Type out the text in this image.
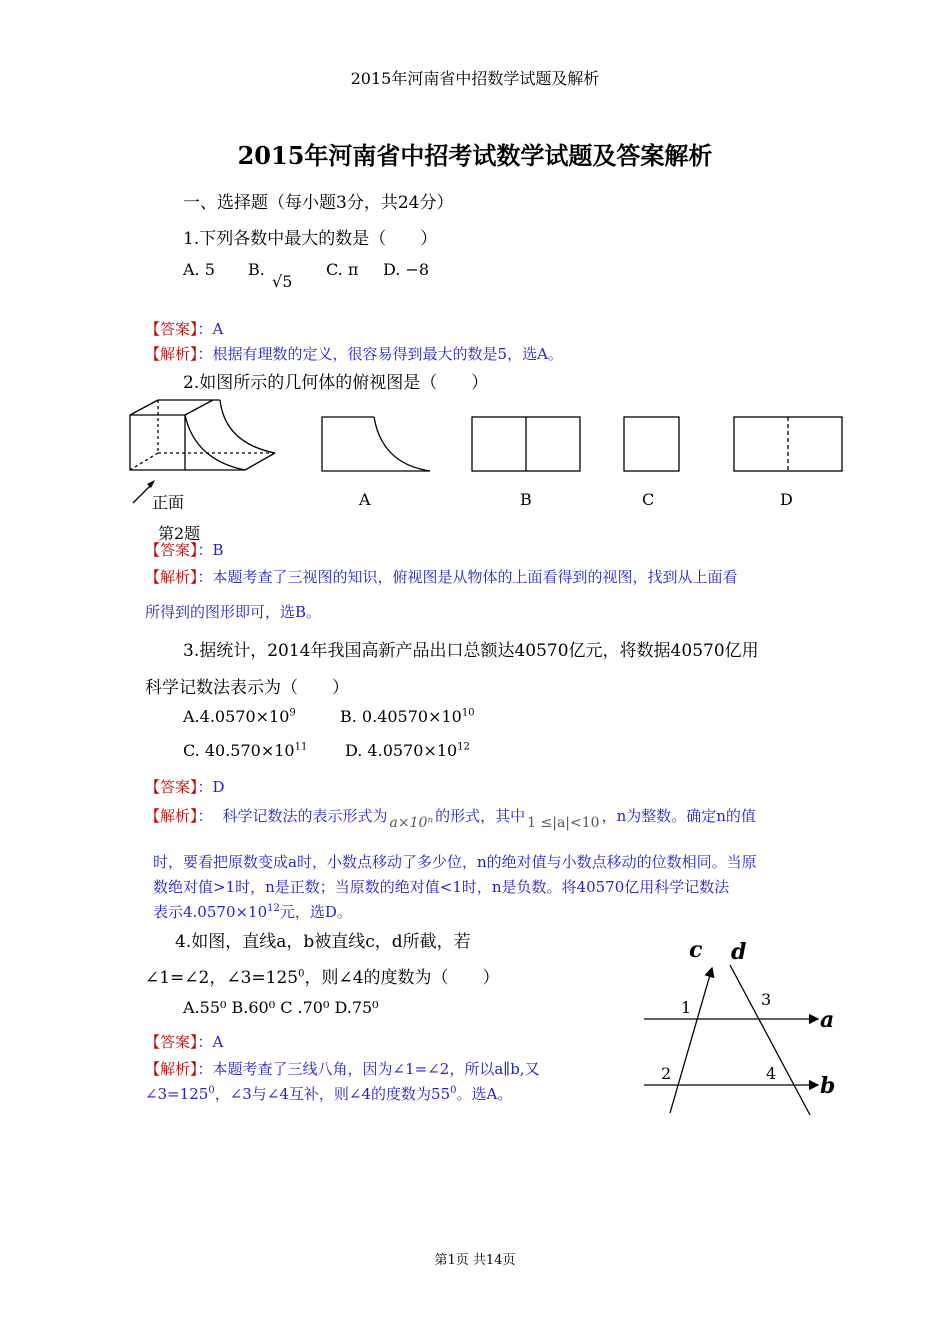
2015年河南省中招数学试题及解析
2015年河南省中招考试数学试题及答案解析
一、选择题（每小题3分，共24分）
1.下列各数中最大的数是（　　）
A. 5 B.
√5
C. π D. −8
【答案】：A
【解析】：根据有理数的定义，很容易得到最大的数是5，选A。
2.如图所示的几何体的俯视图是（　　）
正面	A	B	C	D
第2题
【答案】：B
【解析】：本题考查了三视图的知识，俯视图是从物体的上面看得到的视图，找到从上面看
所得到的图形即可，选B。
3.据统计，2014年我国高新产品出口总额达40570亿元，将数据40570亿用
科学记数法表示为（　　）
$A.4.0570\times 10^9$	B. $0.40570\times 10^{10}$
C. $40.570\times 10^{11}$ D. $4.0570\times 10^{12}$
【答案】：D
【解析】： 科学记数法的表示形式为 a×10ⁿ 的形式，其中 1 ≤|a|<10 ，n为整数。确定n的值
时，要看把原数变成a时，小数点移动了多少位，n的绝对值与小数点移动的位数相同。当原
数绝对值>1时，n是正数；当原数的绝对值<1时，n是负数。将40570亿用科学记数法
表示$4.0570\times 10^{12}$元，选D。
4.如图，直线a，b被直线c，d所截，若
∠1=∠2，$\angle 3=125^0$，则∠4的度数为（　　）
A.55⁰ B.60⁰ C .70⁰ D.75⁰
【答案】：A
【解析】：本题考查了三线八角，因为∠1=∠2，所以a∥b,又
$\angle 3=125^0$，∠3与∠4互补，则∠4的度数为$55^0$。选A。
c d
a
b
1
2
3
4
第1页 共14页
